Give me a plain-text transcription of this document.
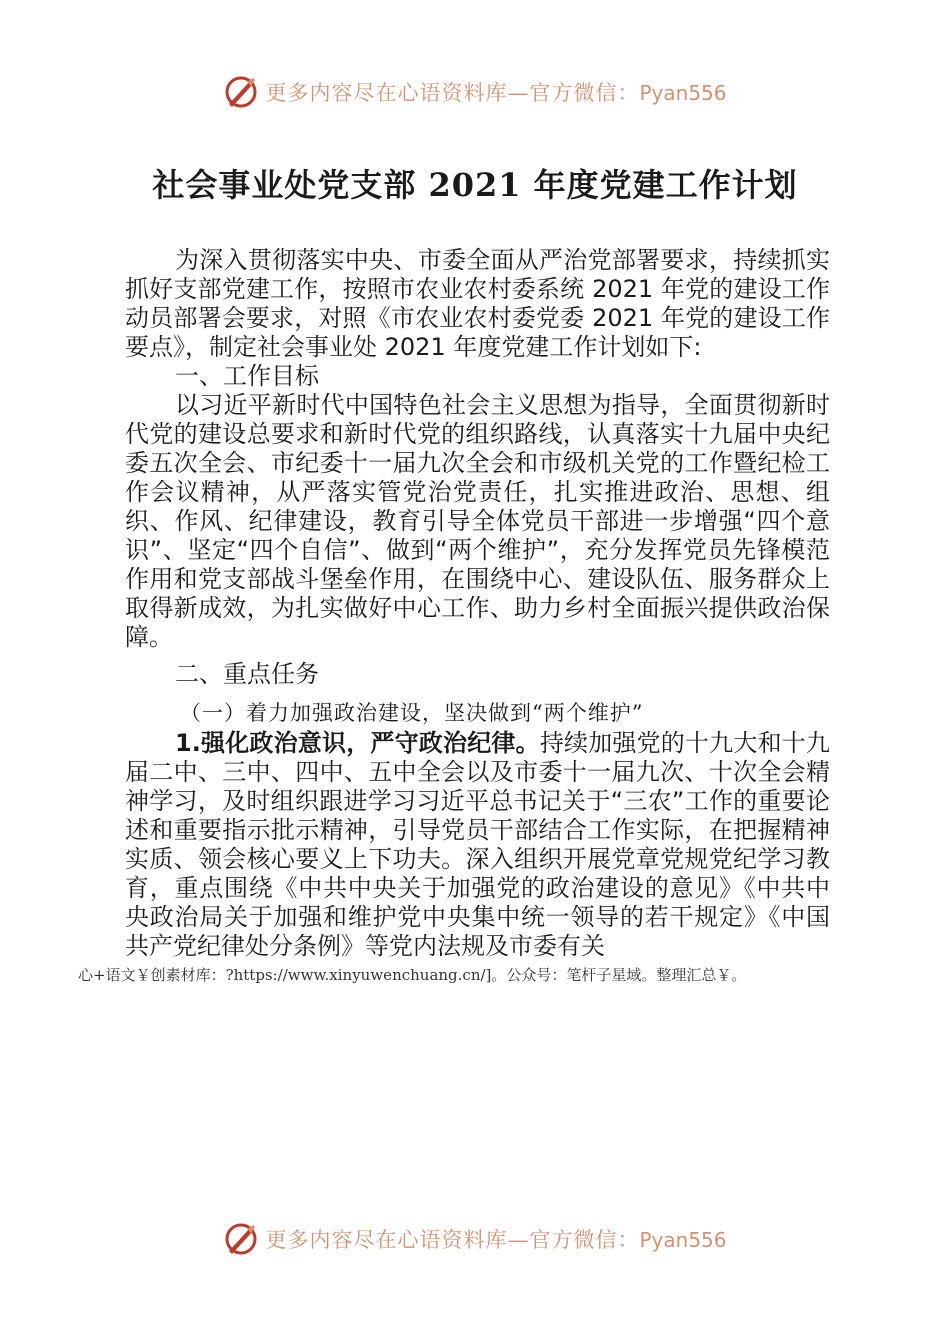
更多内容尽在心语资料库—官方微信：Pyan556
社会事业处党支部 2021 年度党建工作计划

为深入贯彻落实中央、市委全面从严治党部署要求，持续抓实抓好支部党建工作，按照市农业农村委系统 2021 年党的建设工作动员部署会要求，对照《市农业农村委党委 2021 年党的建设工作要点》，制定社会事业处 2021 年度党建工作计划如下:

一、工作目标

以习近平新时代中国特色社会主义思想为指导，全面贯彻新时代党的建设总要求和新时代党的组织路线，认真落实十九届中央纪委五次全会、市纪委十一届九次全会和市级机关党的工作暨纪检工作会议精神，从严落实管党治党责任，扎实推进政治、思想、组织、作风、纪律建设，教育引导全体党员干部进一步增强“四个意识”、坚定“四个自信”、做到“两个维护”，充分发挥党员先锋模范作用和党支部战斗堡垒作用，在围绕中心、建设队伍、服务群众上取得新成效，为扎实做好中心工作、助力乡村全面振兴提供政治保障。

二、重点任务

（一）着力加强政治建设，坚决做到“两个维护”

1.强化政治意识，严守政治纪律。持续加强党的十九大和十九届二中、三中、四中、五中全会以及市委十一届九次、十次全会精神学习，及时组织跟进学习习近平总书记关于“三农”工作的重要论述和重要指示批示精神，引导党员干部结合工作实际，在把握精神实质、领会核心要义上下功夫。深入组织开展党章党规党纪学习教育，重点围绕《中共中央关于加强党的政治建设的意见》《中共中央政治局关于加强和维护党中央集中统一领导的若干规定》《中国共产党纪律处分条例》等党内法规及市委有关

心+语文￥创素材库：?https://www.xinyuwenchuang.cn/]。公众号：笔杆子星域。整理汇总￥。
更多内容尽在心语资料库—官方微信：Pyan556
